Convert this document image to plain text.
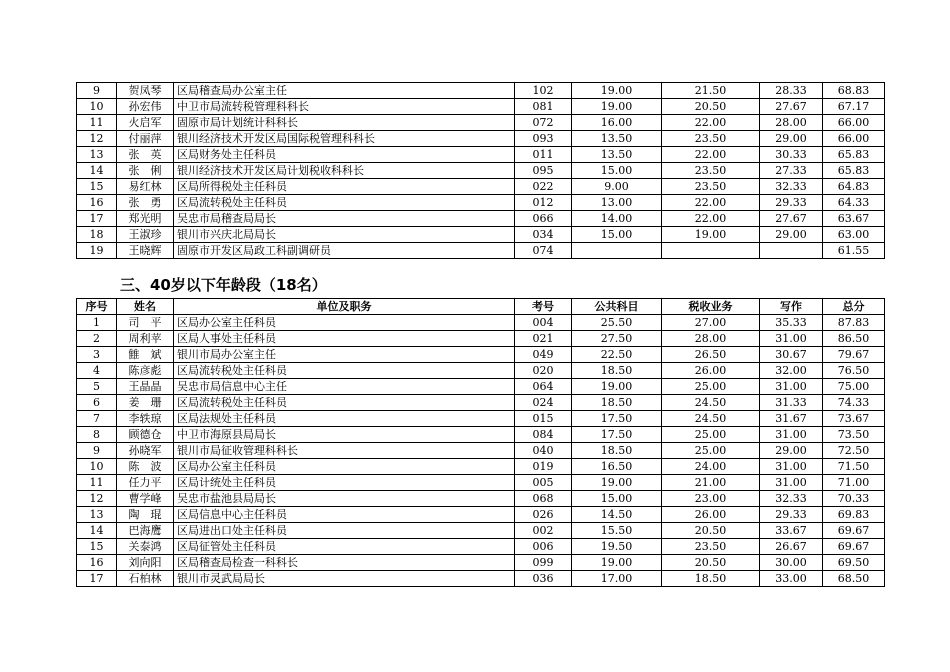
9	贺凤琴	区局稽查局办公室主任	102	19.00	21.50	28.33	68.83
10	孙宏伟	中卫市局流转税管理科科长	081	19.00	20.50	27.67	67.17
11	火启军	固原市局计划统计科科长	072	16.00	22.00	28.00	66.00
12	付丽萍	银川经济技术开发区局国际税管理科科长	093	13.50	23.50	29.00	66.00
13	张　英	区局财务处主任科员	011	13.50	22.00	30.33	65.83
14	张　俐	银川经济技术开发区局计划税收科科长	095	15.00	23.50	27.33	65.83
15	易红林	区局所得税处主任科员	022	9.00	23.50	32.33	64.83
16	张　勇	区局流转税处主任科员	012	13.00	22.00	29.33	64.33
17	郑光明	吴忠市局稽查局局长	066	14.00	22.00	27.67	63.67
18	王淑珍	银川市兴庆北局局长	034	15.00	19.00	29.00	63.00
19	王晓辉	固原市开发区局政工科副调研员	074				61.55
三、40岁以下年龄段（18名）
序号	姓名	单位及职务	考号	公共科目	税收业务	写作	总分
1	司　平	区局办公室主任科员	004	25.50	27.00	35.33	87.83
2	周利苹	区局人事处主任科员	021	27.50	28.00	31.00	86.50
3	雔　斌	银川市局办公室主任	049	22.50	26.50	30.67	79.67
4	陈彦彪	区局流转税处主任科员	020	18.50	26.00	32.00	76.50
5	王晶晶	吴忠市局信息中心主任	064	19.00	25.00	31.00	75.00
6	姜　珊	区局流转税处主任科员	024	18.50	24.50	31.33	74.33
7	李轶琼	区局法规处主任科员	015	17.50	24.50	31.67	73.67
8	顾德仓	中卫市海原县局局长	084	17.50	25.00	31.00	73.50
9	孙晓军	银川市局征收管理科科长	040	18.50	25.00	29.00	72.50
10	陈　波	区局办公室主任科员	019	16.50	24.00	31.00	71.50
11	任力平	区局计统处主任科员	005	19.00	21.00	31.00	71.00
12	曹学峰	吴忠市盐池县局局长	068	15.00	23.00	32.33	70.33
13	陶　琨	区局信息中心主任科员	026	14.50	26.00	29.33	69.83
14	巴海鹰	区局进出口处主任科员	002	15.50	20.50	33.67	69.67
15	关泰鸿	区局征管处主任科员	006	19.50	23.50	26.67	69.67
16	刘向阳	区局稽查局检查一科科长	099	19.00	20.50	30.00	69.50
17	石柏林	银川市灵武局局长	036	17.00	18.50	33.00	68.50
